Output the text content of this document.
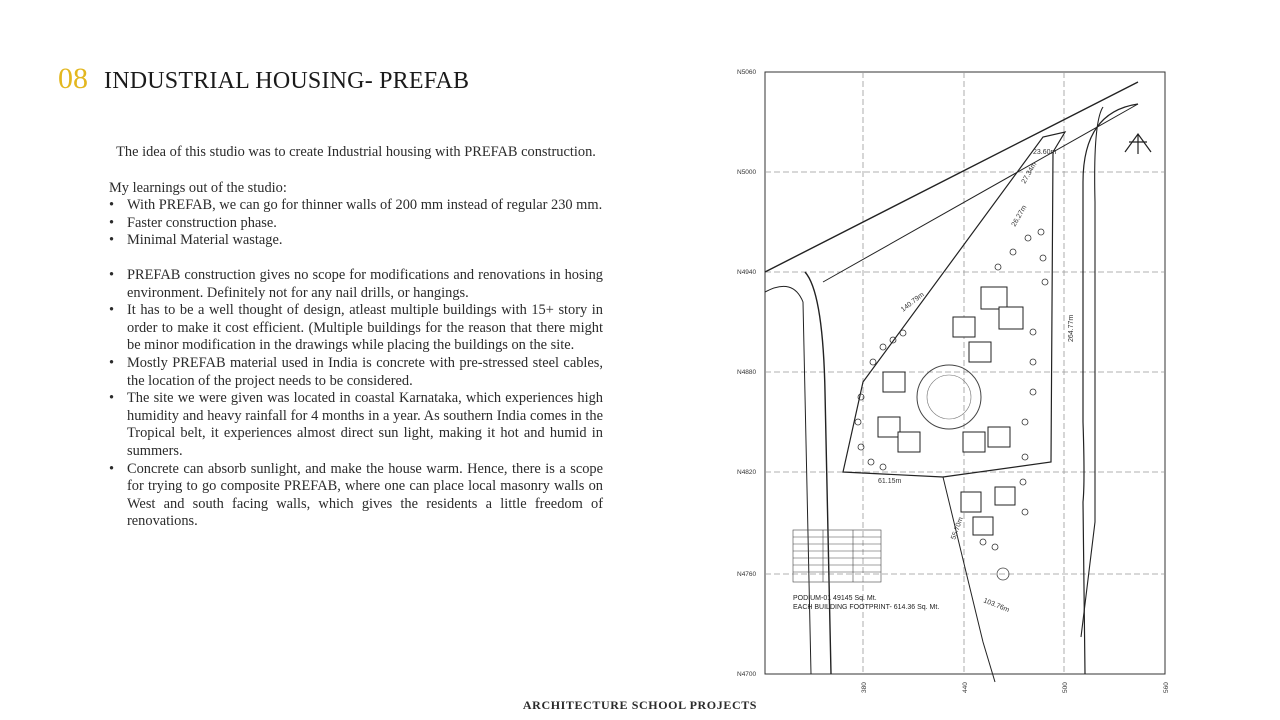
08 INDUSTRIAL HOUSING- PREFAB

The idea of this studio was to create Industrial housing with PREFAB construction.

My learnings out of the studio:

• With PREFAB, we can go for thinner walls of 200 mm instead of regular 230 mm.
• Faster construction phase.
• Minimal Material wastage.
• PREFAB construction gives no scope for modifications and renovations in hosing environment. Definitely not for any nail drills, or hangings.
• It has to be a well thought of design, atleast multiple buildings with 15+ story in order to make it cost efficient. (Multiple buildings for the reason that there might be minor modification in the drawings while placing the buildings on the site.
• Mostly PREFAB material used in India is concrete with pre-stressed steel cables, the location of the project needs to be considered.
• The site we were given was located in coastal Karnataka, which experiences high humidity and heavy rainfall for 4 months in a year. As southern India comes in the Tropical belt, it experiences almost direct sun light, making it hot and humid in summers.
• Concrete can absorb sunlight, and make the house warm. Hence, there is a scope for trying to go composite PREFAB, where one can place local masonry walls on West and south facing walls, which gives the residents a little freedom of renovations.
N5060
N5000
N4940
N4880
N4820
N4760
N4700
380	440	500	560
23.60m
27.34m
26.27m
140.79m
264.77m
61.15m
55.70m
103.76m
PODIUM-01 49145 Sq. Mt.
EACH BUILDING FOOTPRINT- 614.36 Sq. Mt.
ARCHITECTURE SCHOOL PROJECTS
